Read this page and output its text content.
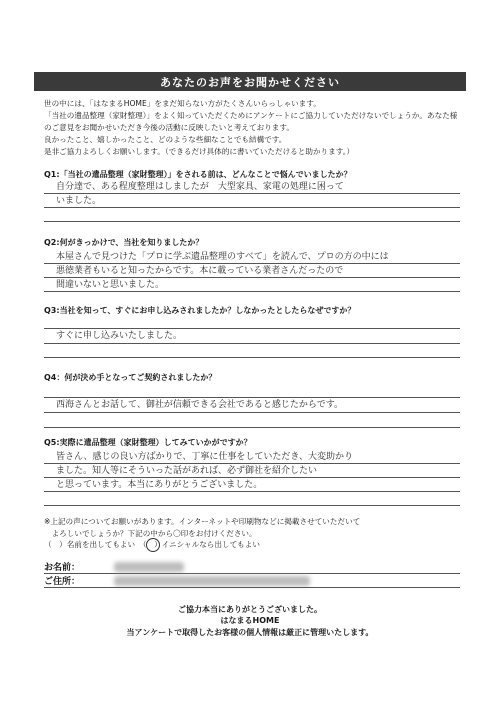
あなたのお声をお聞かせください
世の中には、「はなまるHOME」をまだ知らない方がたくさんいらっしゃいます。
「当社の遺品整理（家財整理）」をよく知っていただくためにアンケートにご協力していただけないでしょうか。あなた様のご意見をお聞かせいただき今後の活動に反映したいと考えております。
良かったこと、嬉しかったこと、どのような些細なことでも結構です。
是非ご協力よろしくお願いします。（できるだけ具体的に書いていただけると助かります。）
Q1:「当社の遺品整理（家財整理）」をされる前は、どんなことで悩んでいましたか？
自分達で、ある程度整理はしましたが　大型家具、家電の処理に困って
いました。
Q2:何がきっかけで、当社を知りましたか？
本屋さんで見つけた「プロに学ぶ遺品整理のすべて」を読んで、プロの方の中には
悪徳業者もいると知ったからです。本に載っている業者さんだったので
間違いないと思いました。
Q3:当社を知って、すぐにお申し込みされましたか？しなかったとしたらなぜですか？
すぐに申し込みいたしました。
Q4：何が決め手となってご契約されましたか？
西海さんとお話して、御社が信頼できる会社であると感じたからです。
Q5:実際に遺品整理（家財整理）してみていかがですか？
皆さん、感じの良い方ばかりで、丁寧に仕事をしていただき、大変助かり
ました。知人等にそういった話があれば、必ず御社を紹介したい
と思っています。本当にありがとうございました。
※上記の声についてお願いがあります。インターネットや印刷物などに掲載させていただいて
　よろしいでしょうか？下記の中から〇印をお付けください。
（　）名前を出してもよい　（　）イニシャルなら出してもよい
お名前：
ご住所：
ご協力本当にありがとうございました。
はなまるHOME
当アンケートで取得したお客様の個人情報は厳正に管理いたします。
